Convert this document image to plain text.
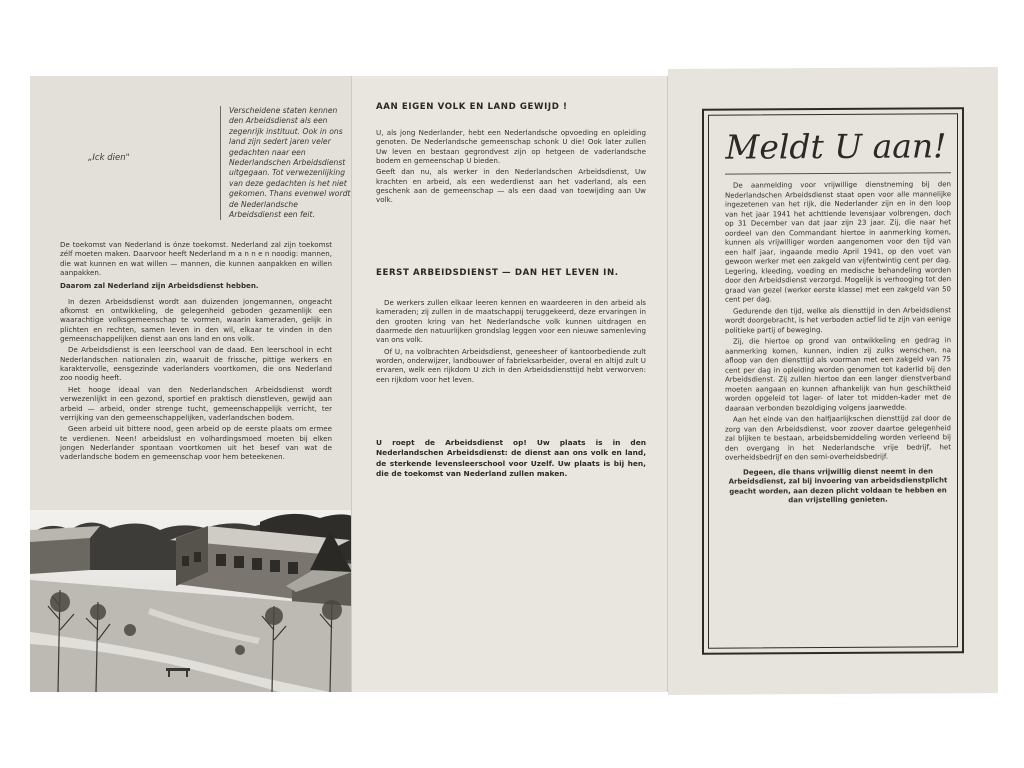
Verscheidene staten kennen den Arbeidsdienst als een zegenrijk instituut. Ook in ons land zijn sedert jaren veler gedachten naar een Nederlandschen Arbeidsdienst uitgegaan. Tot verwezenlijking van deze gedachten is het niet gekomen. Thans evenwel wordt de Nederlandsche Arbeidsdienst een feit.
„Ick dien"

De toekomst van Nederland is ónze toekomst. Nederland zal zijn toekomst zélf moeten maken. Daarvoor heeft Nederland m a n n e n noodig: mannen, die wat kunnen en wat willen — mannen, die kunnen aanpakken en willen aanpakken.

Daarom zal Nederland zijn Arbeidsdienst hebben.

In dezen Arbeidsdienst wordt aan duizenden jongemannen, ongeacht afkomst en ontwikkeling, de gelegenheid geboden gezamenlijk een waarachtige volksgemeenschap te vormen, waarin kameraden, gelijk in plichten en rechten, samen leven in den wil, elkaar te vinden in den gemeenschappelijken dienst aan ons land en ons volk.

De Arbeidsdienst is een leerschool van de daad. Een leerschool in echt Nederlandschen nationalen zin, waaruit de frissche, pittige werkers en karaktervolle, eensgezinde vaderlanders voortkomen, die ons Nederland zoo noodig heeft.

Het hooge ideaal van den Nederlandschen Arbeidsdienst wordt verwezenlijkt in een gezond, sportief en praktisch dienstleven, gewijd aan arbeid — arbeid, onder strenge tucht, gemeenschappelijk verricht, ter verrijking van den gemeenschappelijken, vaderlandschen bodem.

Geen arbeid uit bittere nood, geen arbeid op de eerste plaats om ermee te verdienen. Neen! arbeidslust en volhardingsmoed moeten bij elken jongen Nederlander spontaan voortkomen uit het besef van wat de vaderlandsche bodem en gemeenschap voor hem beteekenen.

AAN EIGEN VOLK EN LAND GEWIJD !

U, als jong Nederlander, hebt een Nederlandsche opvoeding en opleiding genoten. De Nederlandsche gemeenschap schonk U die! Ook later zullen Uw leven en bestaan gegrondvest zijn op hetgeen de vaderlandsche bodem en gemeenschap U bieden.

Geeft dan nu, als werker in den Nederlandschen Arbeidsdienst, Uw krachten en arbeid, als een wederdienst aan het vaderland, als een geschenk aan de gemeenschap — als een daad van toewijding aan Uw volk.

EERST ARBEIDSDIENST — DAN HET LEVEN IN.

De werkers zullen elkaar leeren kennen en waardeeren in den arbeid als kameraden; zij zullen in de maatschappij teruggekeerd, deze ervaringen in den grooten kring van het Nederlandsche volk kunnen uitdragen en daarmede den natuurlijken grondslag leggen voor een nieuwe samenleving van ons volk.

Of U, na volbrachten Arbeidsdienst, geneesheer of kantoorbediende zult worden, onderwijzer, landbouwer of fabrieksarbeider, overal en altijd zult U ervaren, welk een rijkdom U zich in den Arbeidsdiensttijd hebt verworven: een rijkdom voor het leven.

U roept de Arbeidsdienst op! Uw plaats is in den Nederlandschen Arbeidsdienst: de dienst aan ons volk en land, de sterkende levensleerschool voor Uzelf. Uw plaats is bij hen, die de toekomst van Nederland zullen maken.
Meldt U aan!

De aanmelding voor vrijwillige dienstneming bij den Nederlandschen Arbeidsdienst staat open voor alle mannelijke ingezetenen van het rijk, die Nederlander zijn en in den loop van het jaar 1941 het achttiende levensjaar volbrengen, doch op 31 December van dat jaar zijn 23 jaar. Zij, die naar het oordeel van den Commandant hiertoe in aanmerking komen, kunnen als vrijwilliger worden aangenomen voor den tijd van een half jaar, ingaande medio April 1941, op den voet van gewoon werker met een zakgeld van vijfentwintig cent per dag. Legering, kleeding, voeding en medische behandeling worden door den Arbeidsdienst verzorgd. Mogelijk is verhooging tot den graad van gezel (werker eerste klasse) met een zakgeld van 50 cent per dag.

Gedurende den tijd, welke als diensttijd in den Arbeidsdienst wordt doorgebracht, is het verboden actief lid te zijn van eenige politieke partij of beweging.

Zij, die hiertoe op grond van ontwikkeling en gedrag in aanmerking komen, kunnen, indien zij zulks wenschen, na afloop van den diensttijd als voorman met een zakgeld van 75 cent per dag in opleiding worden genomen tot kaderlid bij den Arbeidsdienst. Zij zullen hiertoe dan een langer dienstverband moeten aangaan en kunnen afhankelijk van hun geschiktheid worden opgeleid tot lager- of later tot midden-kader met de daaraan verbonden bezoldiging volgens jaarwedde.

Aan het einde van den halfjaarlijkschen diensttijd zal door de zorg van den Arbeidsdienst, voor zoover daartoe gelegenheid zal blijken te bestaan, arbeidsbemiddeling worden verleend bij den overgang in het Nederlandsche vrije bedrijf, het overheidsbedrijf en den semi-overheidsbedrijf.

Degeen, die thans vrijwillig dienst neemt in den Arbeidsdienst, zal bij invoering van arbeidsdienstplicht geacht worden, aan dezen plicht voldaan te hebben en dan vrijstelling genieten.
